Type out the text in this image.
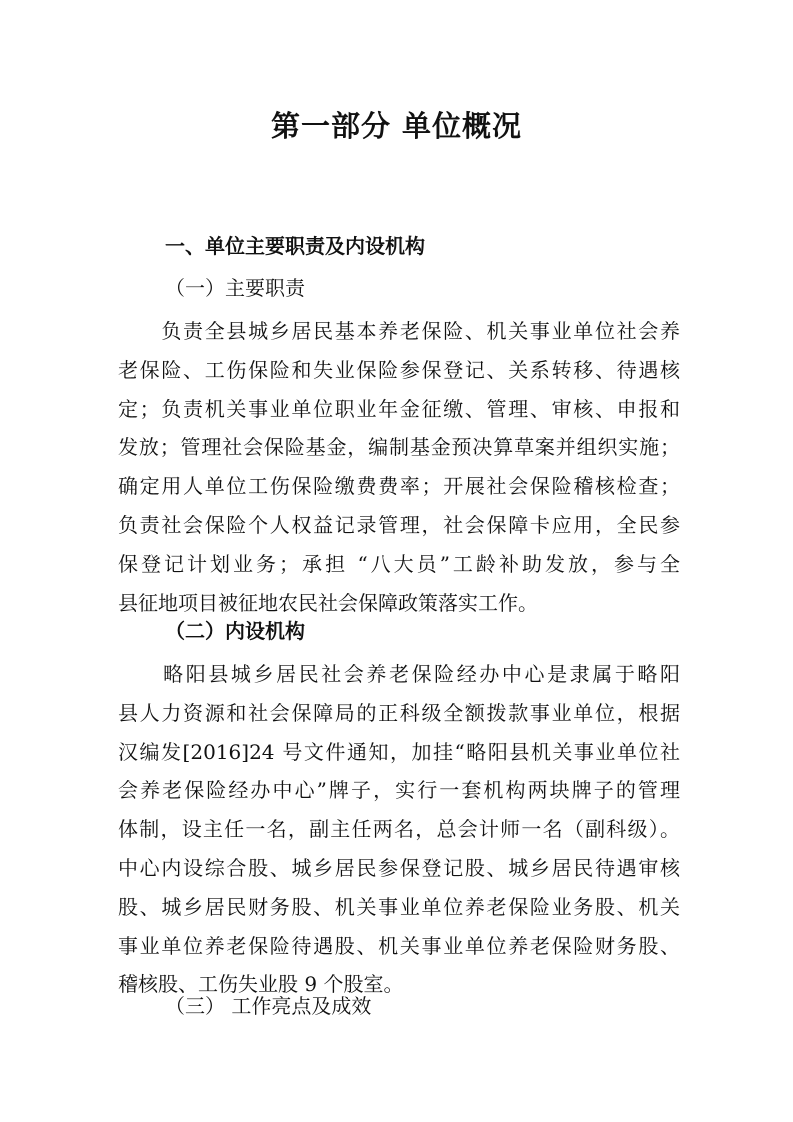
第一部分 单位概况
一、单位主要职责及内设机构
（一）主要职责
　　负责全县城乡居民基本养老保险、机关事业单位社会养
老保险、工伤保险和失业保险参保登记、关系转移、待遇核
定；负责机关事业单位职业年金征缴、管理、审核、申报和
发放；管理社会保险基金，编制基金预决算草案并组织实施；
确定用人单位工伤保险缴费费率；开展社会保险稽核检查；
负责社会保险个人权益记录管理，社会保障卡应用，全民参
保登记计划业务；承担 “八大员”工龄补助发放，参与全
县征地项目被征地农民社会保障政策落实工作。
（二）内设机构
　　略阳县城乡居民社会养老保险经办中心是隶属于略阳
县人力资源和社会保障局的正科级全额拨款事业单位，根据
汉编发[2016]24 号文件通知，加挂“略阳县机关事业单位社
会养老保险经办中心”牌子，实行一套机构两块牌子的管理
体制，设主任一名，副主任两名，总会计师一名（副科级）。
中心内设综合股、城乡居民参保登记股、城乡居民待遇审核
股、城乡居民财务股、机关事业单位养老保险业务股、机关
事业单位养老保险待遇股、机关事业单位养老保险财务股、
稽核股、工伤失业股 9 个股室。
（三） 工作亮点及成效
